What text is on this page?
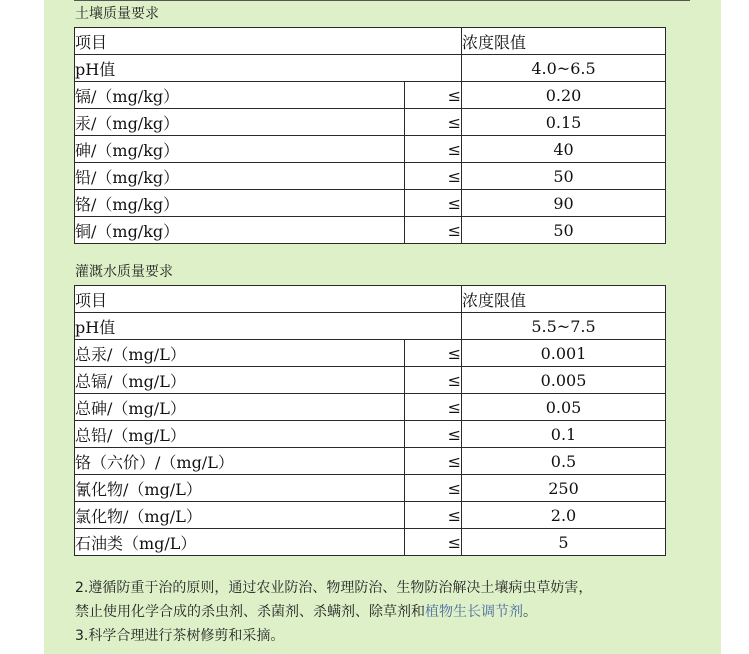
土壤质量要求
项目		浓度限值
pH值		4.0~6.5
镉/（mg/kg）	≤	0.20
汞/（mg/kg）	≤	0.15
砷/（mg/kg）	≤	40
铅/（mg/kg）	≤	50
铬/（mg/kg）	≤	90
铜/（mg/kg）	≤	50
灌溉水质量要求
项目		浓度限值
pH值		5.5~7.5
总汞/（mg/L）	≤	0.001
总镉/（mg/L）	≤	0.005
总砷/（mg/L）	≤	0.05
总铅/（mg/L）	≤	0.1
铬（六价）/（mg/L）	≤	0.5
氰化物/（mg/L）	≤	250
氯化物/（mg/L）	≤	2.0
石油类（mg/L）	≤	5
2.遵循防重于治的原则，通过农业防治、物理防治、生物防治解决土壤病虫草妨害，
禁止使用化学合成的杀虫剂、杀菌剂、杀螨剂、除草剂和植物生长调节剂。
3.科学合理进行茶树修剪和采摘。
